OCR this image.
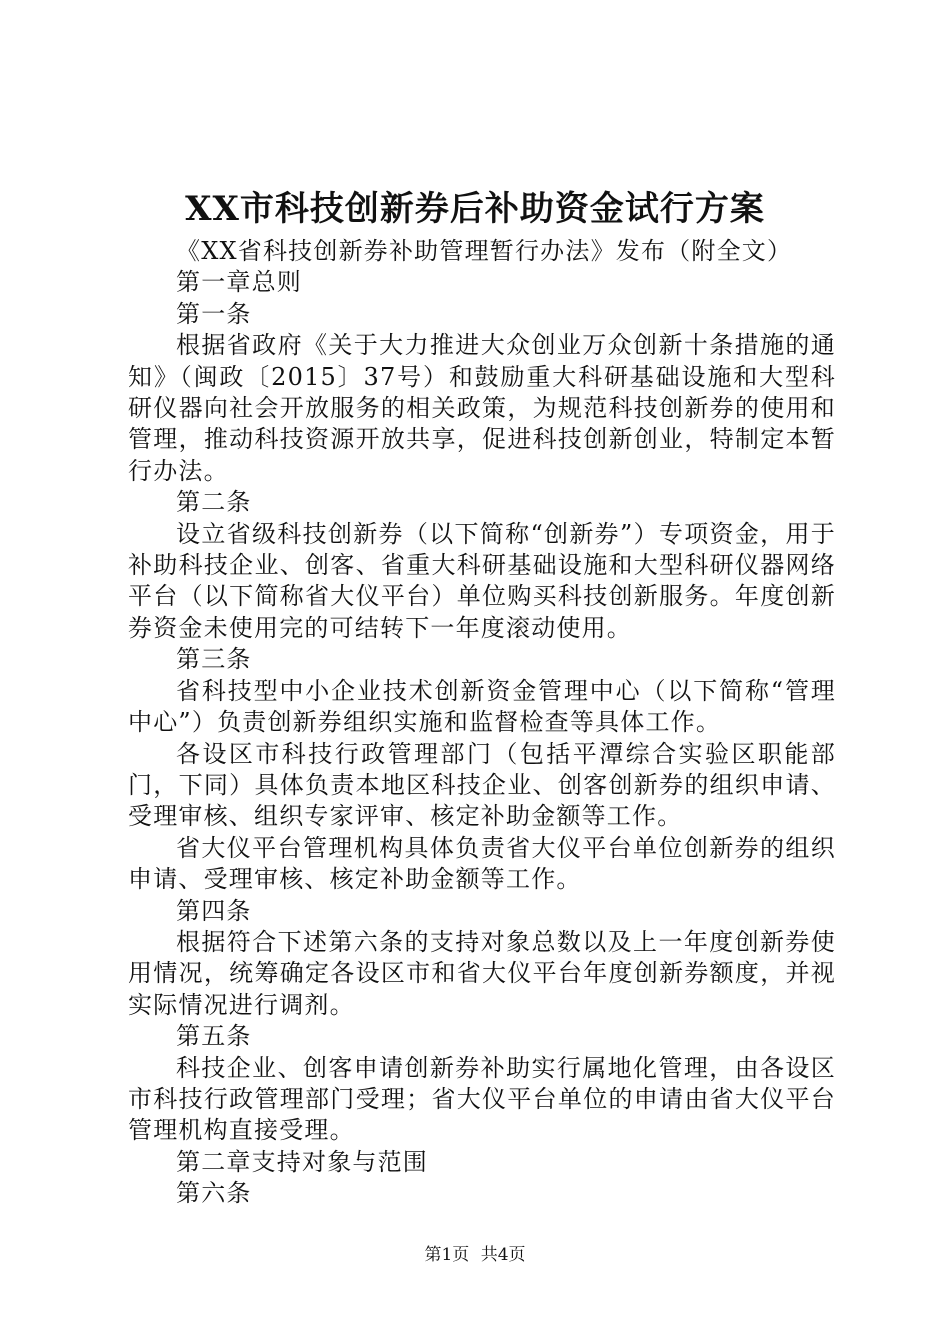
XX市科技创新券后补助资金试行方案

《XX省科技创新券补助管理暂行办法》发布（附全文）

第一章总则

第一条

根据省政府《关于大力推进大众创业万众创新十条措施的通知》（闽政〔2015〕37号）和鼓励重大科研基础设施和大型科研仪器向社会开放服务的相关政策，为规范科技创新券的使用和管理，推动科技资源开放共享，促进科技创新创业，特制定本暂行办法。

第二条

设立省级科技创新券（以下简称“创新券”）专项资金，用于补助科技企业、创客、省重大科研基础设施和大型科研仪器网络平台（以下简称省大仪平台）单位购买科技创新服务。年度创新券资金未使用完的可结转下一年度滚动使用。

第三条

省科技型中小企业技术创新资金管理中心（以下简称“管理中心”）负责创新券组织实施和监督检查等具体工作。

各设区市科技行政管理部门（包括平潭综合实验区职能部门，下同）具体负责本地区科技企业、创客创新券的组织申请、受理审核、组织专家评审、核定补助金额等工作。

省大仪平台管理机构具体负责省大仪平台单位创新券的组织申请、受理审核、核定补助金额等工作。

第四条

根据符合下述第六条的支持对象总数以及上一年度创新券使用情况，统筹确定各设区市和省大仪平台年度创新券额度，并视实际情况进行调剂。

第五条

科技企业、创客申请创新券补助实行属地化管理，由各设区市科技行政管理部门受理；省大仪平台单位的申请由省大仪平台管理机构直接受理。

第二章支持对象与范围

第六条

第1页 共4页
